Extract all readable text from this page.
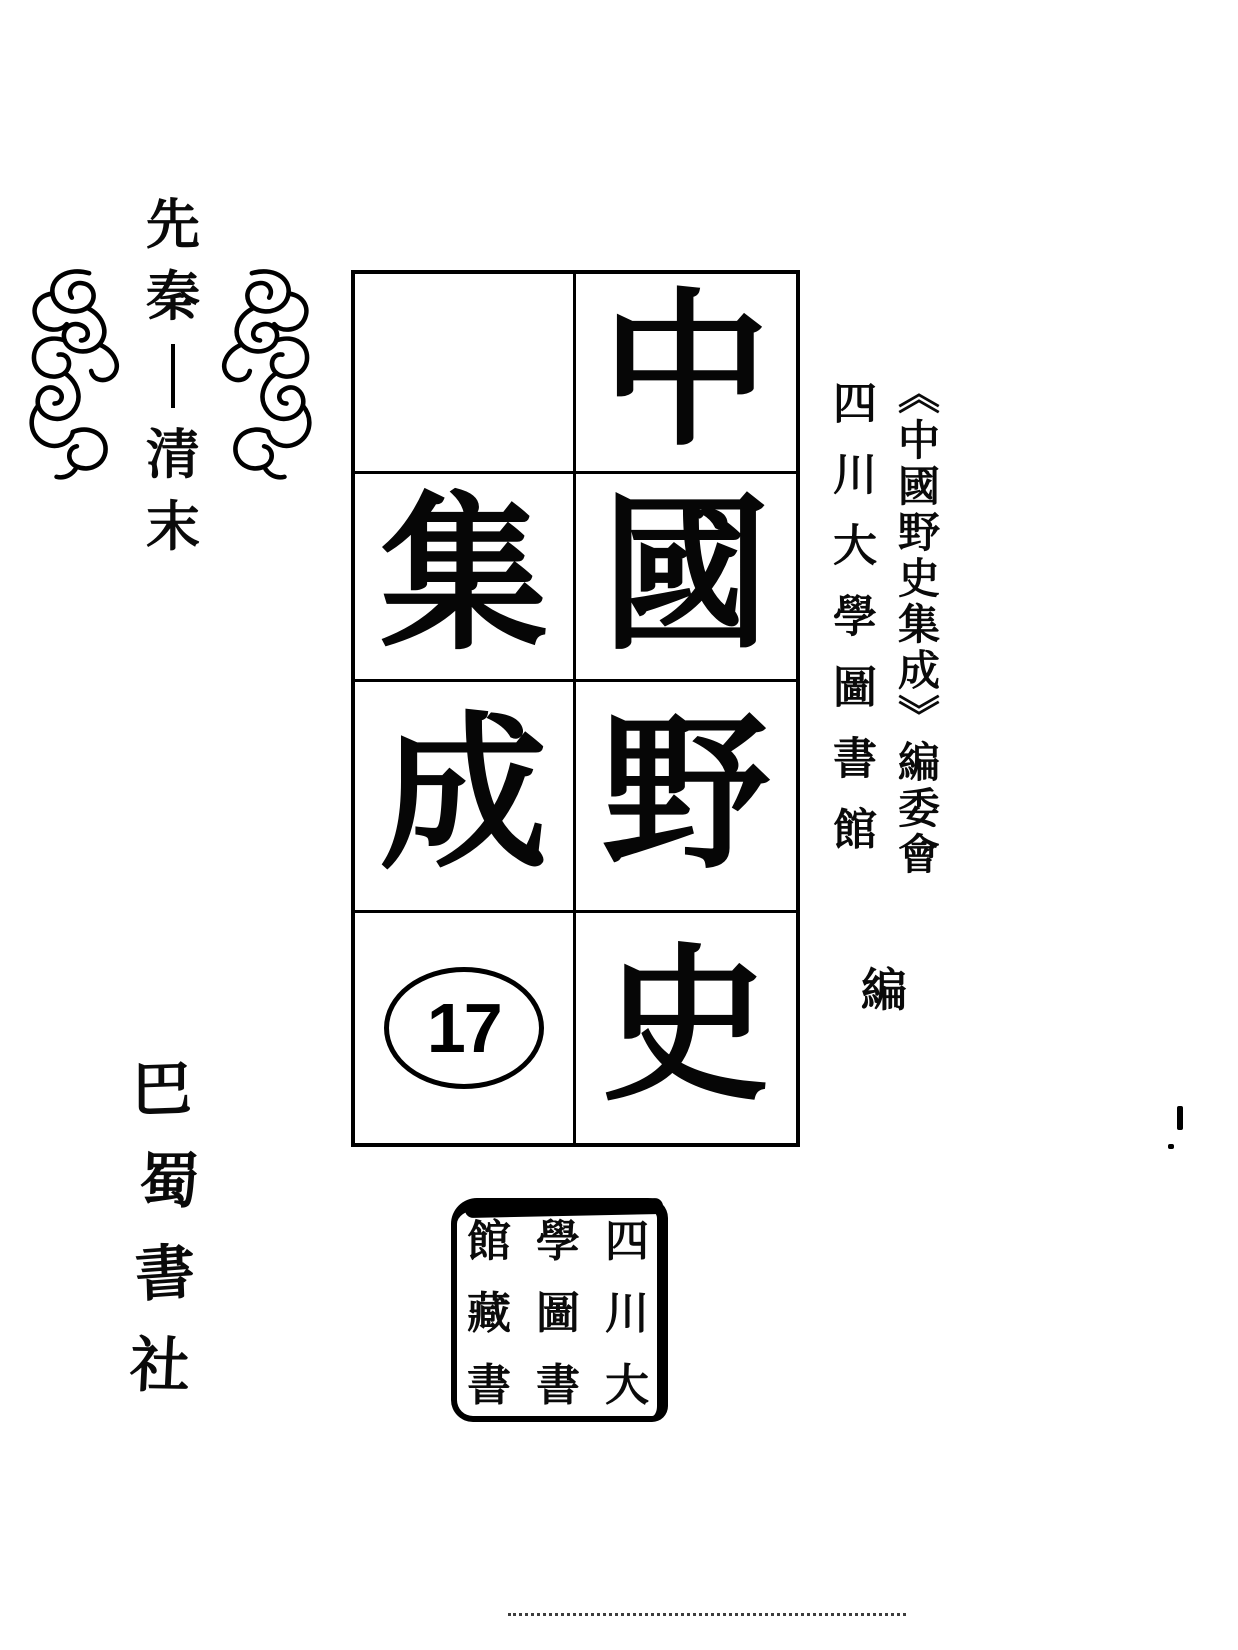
先
秦
清
末
中
集 國
成 野
17 史
《中國野史集成》編委會
四川大學圖書館
編
巴
蜀
書
社
四
川
大
學
圖
書
館
藏
書
